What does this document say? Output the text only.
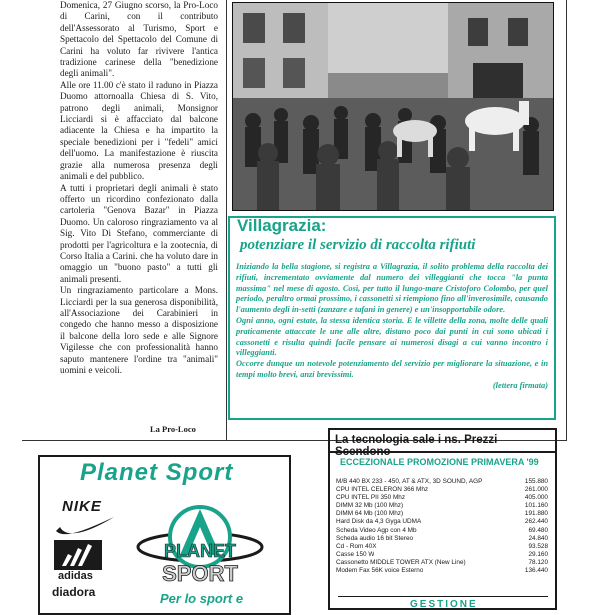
Domenica, 27 Giugno scorso, la Pro-Loco di Carini, con il contributo dell'Assessorato al Turismo, Sport e Spettacolo del Spettacolo del Comune di Carini ha voluto far rivivere l'antica tradizione carinese della "benedizione degli animali".

Alle ore 11.00 c'è stato il raduno in Piazza Duomo attornoalla Chiesa di S. Vito, patrono degli animali, Monsignor Licciardi si è affacciato dal balcone adiacente la Chiesa e ha impartito la speciale benedizioni per i "fedeli" amici dell'uomo. La manifestazione è riuscita grazie alla numerosa presenza degli animali e del pubblico.

A tutti i proprietari degli animali è stato offerto un ricordino confezionato dalla cartoleria "Genova Bazar" in Piazza Duomo. Un caloroso ringraziamento va al Sig. Vito Di Stefano, commerciante di prodotti per l'agricoltura e la zootecnia, di Corso Italia a Carini. che ha voluto dare in omaggio un "buono pasto" a tutti gli animali presenti.

Un ringraziamento particolare a Mons. Licciardi per la sua generosa disponibilità, all'Associazione dei Carabinieri in congedo che hanno messo a disposizione il balcone della loro sede e alle Signore Vigilesse che con professionalità hanno saputo mantenere l'ordine tra "animali" uomini e veicoli.

La Pro-Loco
Villagrazia:
potenziare il servizio di raccolta rifiuti

Iniziando la bella stagione, si registra a Villagrazia, il solito problema della raccolta dei rifiuti, incrementato ovviamente dal numero dei villeggianti che tocca "la punta massima" nel mese di agosto. Così, per tutto il lungo-mare Cristoforo Colombo, per quel periodo, peraltro ormai prossimo, i cassonetti si riempiono fino all'inverosimile, causando l'aumento degli in-setti (zanzare e tafani in genere) e un'insopportabile odore.

Ogni anno, ogni estate, la stessa identica storia. E le villette della zona, molte delle quali praticamente attaccate le une alle altre, distano poco dai punti in cui sono ubicati i cassonetti e risulta quindi facile pensare ai numerosi disagi a cui vanno incontro i villeggianti.

Occorre dunque un notevole potenziamento del servizio per migliorare la situazione, e in tempi molto brevi, anzi brevissimi.

(lettera firmata)

Planet Sport
NIKE
adidas
diadora
PLANET
SPORT
Per lo sport e
La tecnologia sale i ns. Prezzi
ECCEZIONALE PROMOZIONE PRIMAVERA '99
M/B 440 BX 233 - 450, AT & ATX, 3D SOUND, AGP	155.880
CPU INTEL CELERON 366 Mhz	261.000
CPU INTEL PII 350 Mhz	405.000
DIMM 32 Mb (100 Mhz)	101.160
DIMM 64 Mb (100 Mhz)	191.880
Hard Disk da 4,3 Gyga UDMA	262.440
Scheda Video Agp con 4 Mb	69.480
Scheda audio 16 bit Stereo	24.840
Cd - Rom 40X	93.528
Casse 150 W	29.160
Cassonetto MIDDLE TOWER ATX (New Line)	78.120
Modem Fax 56K voice Esterno	136.440
GESTIONE
